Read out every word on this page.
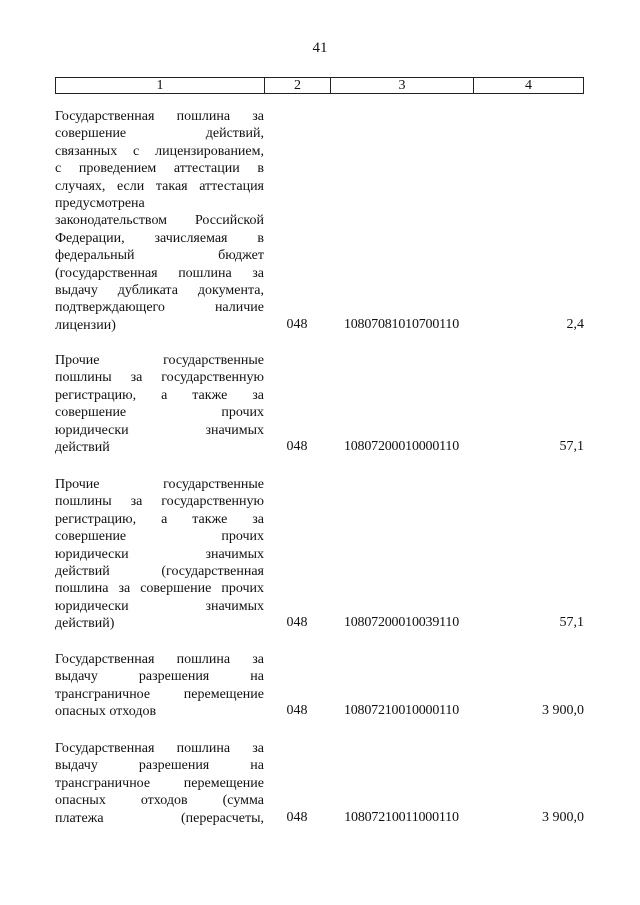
41
1	2	3	4
Государственная пошлина за
совершение действий,
связанных с лицензированием,
с проведением аттестации в
случаях, если такая аттестация
предусмотрена
законодательством Российской
Федерации, зачисляемая в
федеральный бюджет
(государственная пошлина за
выдачу дубликата документа,
подтверждающего наличие
лицензии)	048	10807081010700110	2,4
Прочие государственные
пошлины за государственную
регистрацию, а также за
совершение прочих
юридически значимых
действий	048	10807200010000110	57,1
Прочие государственные
пошлины за государственную
регистрацию, а также за
совершение прочих
юридически значимых
действий (государственная
пошлина за совершение прочих
юридически значимых
действий)	048	10807200010039110	57,1
Государственная пошлина за
выдачу разрешения на
трансграничное перемещение
опасных отходов	048	10807210010000110	3 900,0
Государственная пошлина за
выдачу разрешения на
трансграничное перемещение
опасных отходов (сумма
платежа (перерасчеты,	048	10807210011000110	3 900,0
